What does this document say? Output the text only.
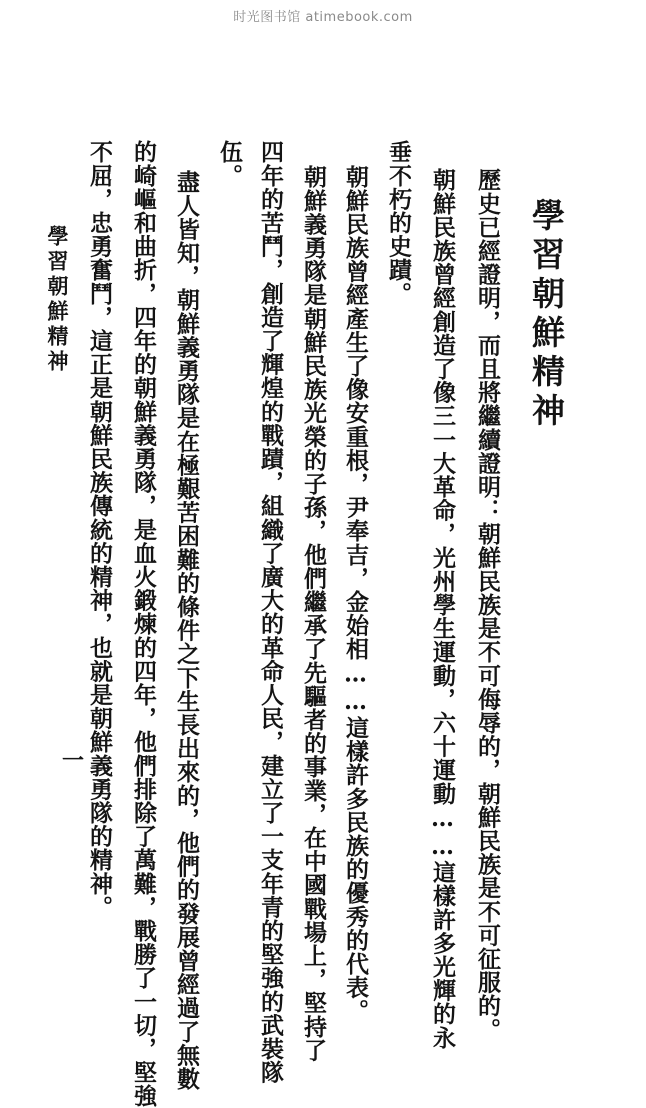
时光图书馆 atimebook.com
學習朝鮮精神
歷史已經證明，而且將繼續證明：朝鮮民族是不可侮辱的，朝鮮民族是不可征服的。
朝鮮民族曾經創造了像三一大革命，光州學生運動，六十運動……這樣許多光輝的永
垂不朽的史蹟。
朝鮮民族曾經產生了像安重根，尹奉吉，金始相……這樣許多民族的優秀的代表。
朝鮮義勇隊是朝鮮民族光榮的子孫，他們繼承了先驅者的事業，在中國戰場上，堅持了
四年的苦鬥，創造了輝煌的戰蹟，組織了廣大的革命人民，建立了一支年青的堅強的武裝隊
伍。
盡人皆知，朝鮮義勇隊是在極艱苦困難的條件之下生長出來的，他們的發展曾經過了無數
的崎嶇和曲折，四年的朝鮮義勇隊，是血火鍛煉的四年，他們排除了萬難，戰勝了一切，堅強
不屈，忠勇奮鬥，這正是朝鮮民族傳統的精神，也就是朝鮮義勇隊的精神。
學習朝鮮精神
一
